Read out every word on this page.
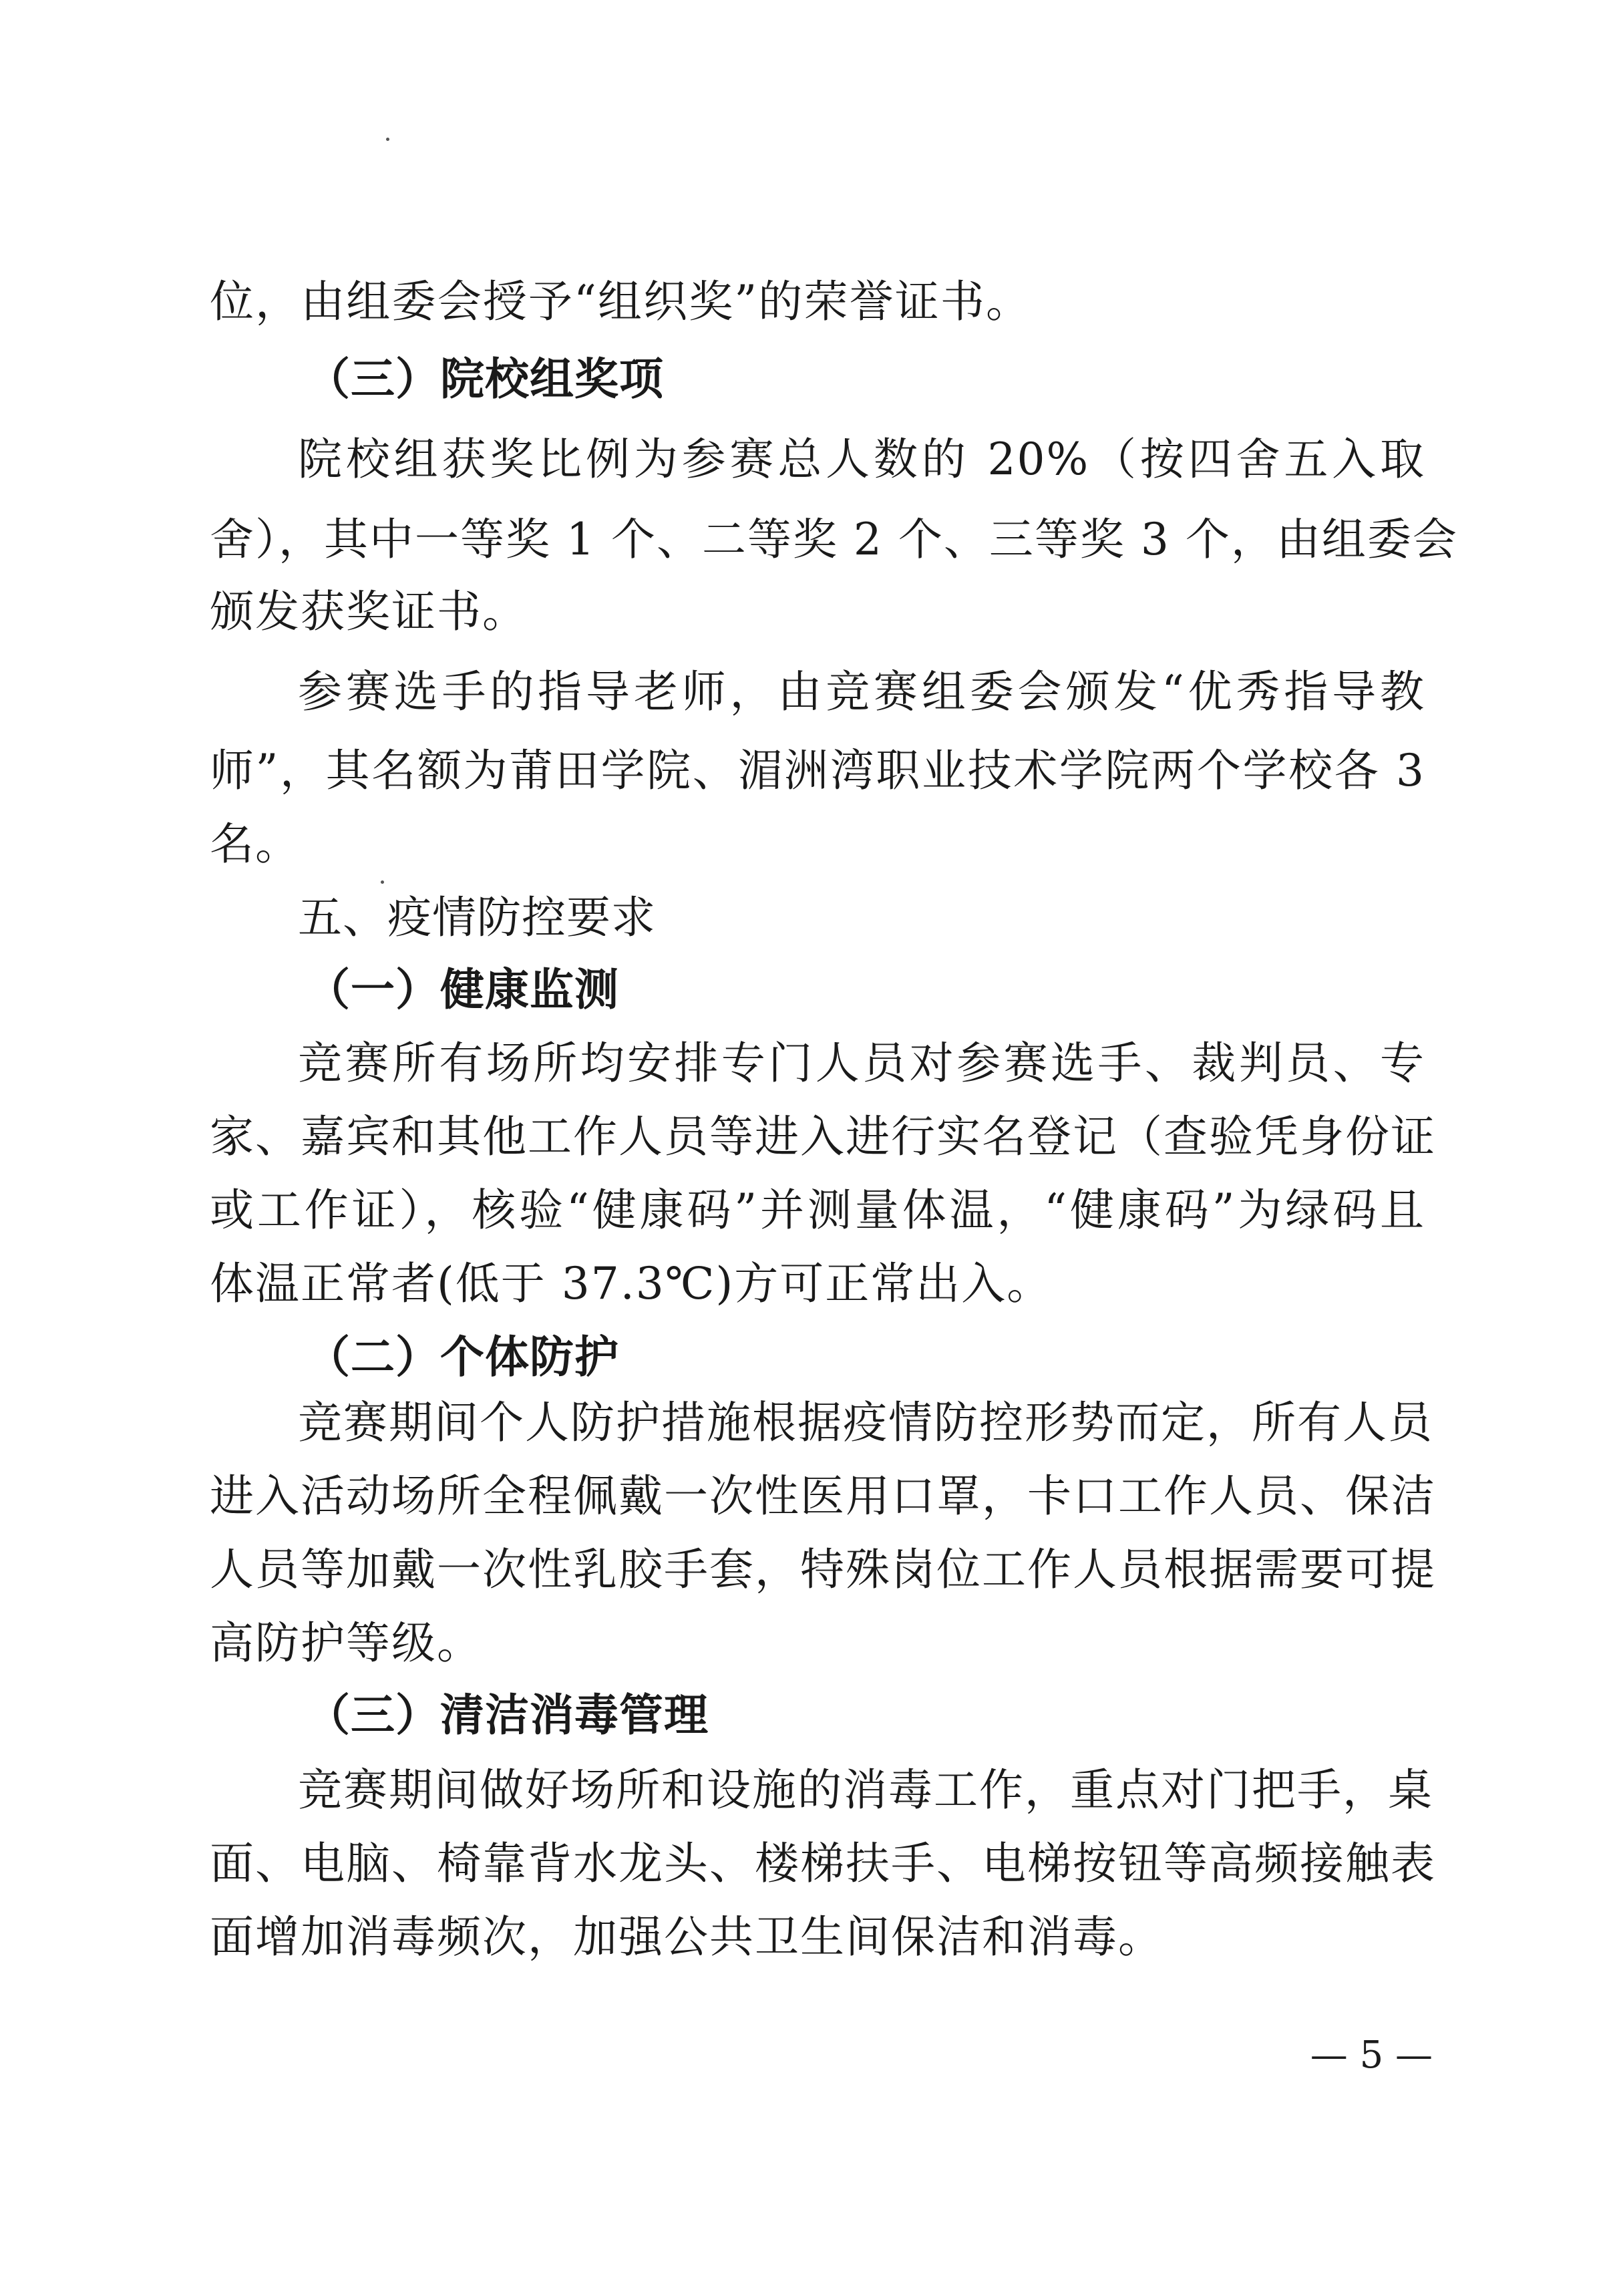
位，由组委会授予“组织奖”的荣誉证书。
（三）院校组奖项
院校组获奖比例为参赛总人数的 20%（按四舍五入取
舍），其中一等奖 1 个、二等奖 2 个、三等奖 3 个，由组委会
颁发获奖证书。
参赛选手的指导老师，由竞赛组委会颁发“优秀指导教
师”，其名额为莆田学院、湄洲湾职业技术学院两个学校各 3
名。
五、疫情防控要求
（一）健康监测
竞赛所有场所均安排专门人员对参赛选手、裁判员、专
家、嘉宾和其他工作人员等进入进行实名登记（查验凭身份证
或工作证），核验“健康码”并测量体温，“健康码”为绿码且
体温正常者(低于 37.3℃)方可正常出入。
（二）个体防护
竞赛期间个人防护措施根据疫情防控形势而定，所有人员
进入活动场所全程佩戴一次性医用口罩，卡口工作人员、保洁
人员等加戴一次性乳胶手套，特殊岗位工作人员根据需要可提
高防护等级。
（三）清洁消毒管理
竞赛期间做好场所和设施的消毒工作，重点对门把手，桌
面、电脑、椅靠背水龙头、楼梯扶手、电梯按钮等高频接触表
面增加消毒频次，加强公共卫生间保洁和消毒。
— 5 —
